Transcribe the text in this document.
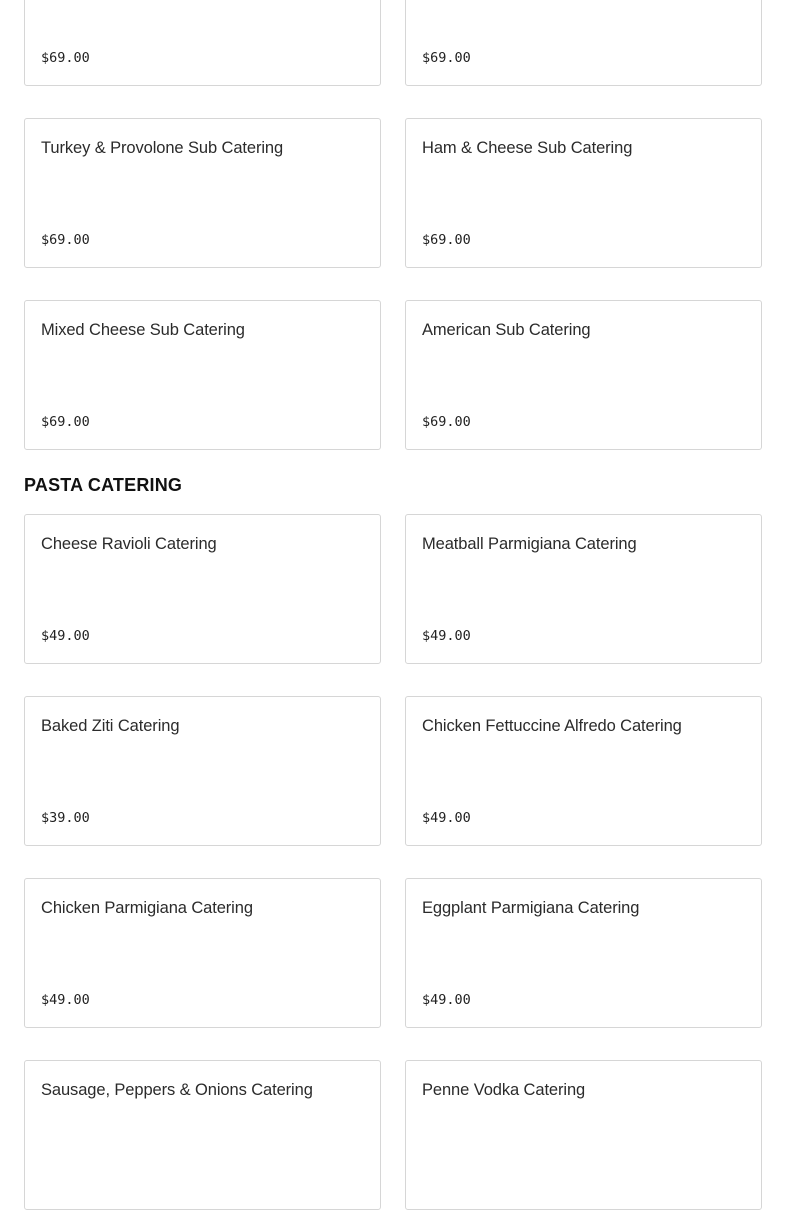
$69.00	$69.00
Turkey & Provolone Sub Catering
$69.00
Ham & Cheese Sub Catering
$69.00
Mixed Cheese Sub Catering
$69.00
American Sub Catering
$69.00
PASTA CATERING
Cheese Ravioli Catering
$49.00
Meatball Parmigiana Catering
$49.00
Baked Ziti Catering
$39.00
Chicken Fettuccine Alfredo Catering
$49.00
Chicken Parmigiana Catering
$49.00
Eggplant Parmigiana Catering
$49.00
Sausage, Peppers & Onions Catering	Penne Vodka Catering
